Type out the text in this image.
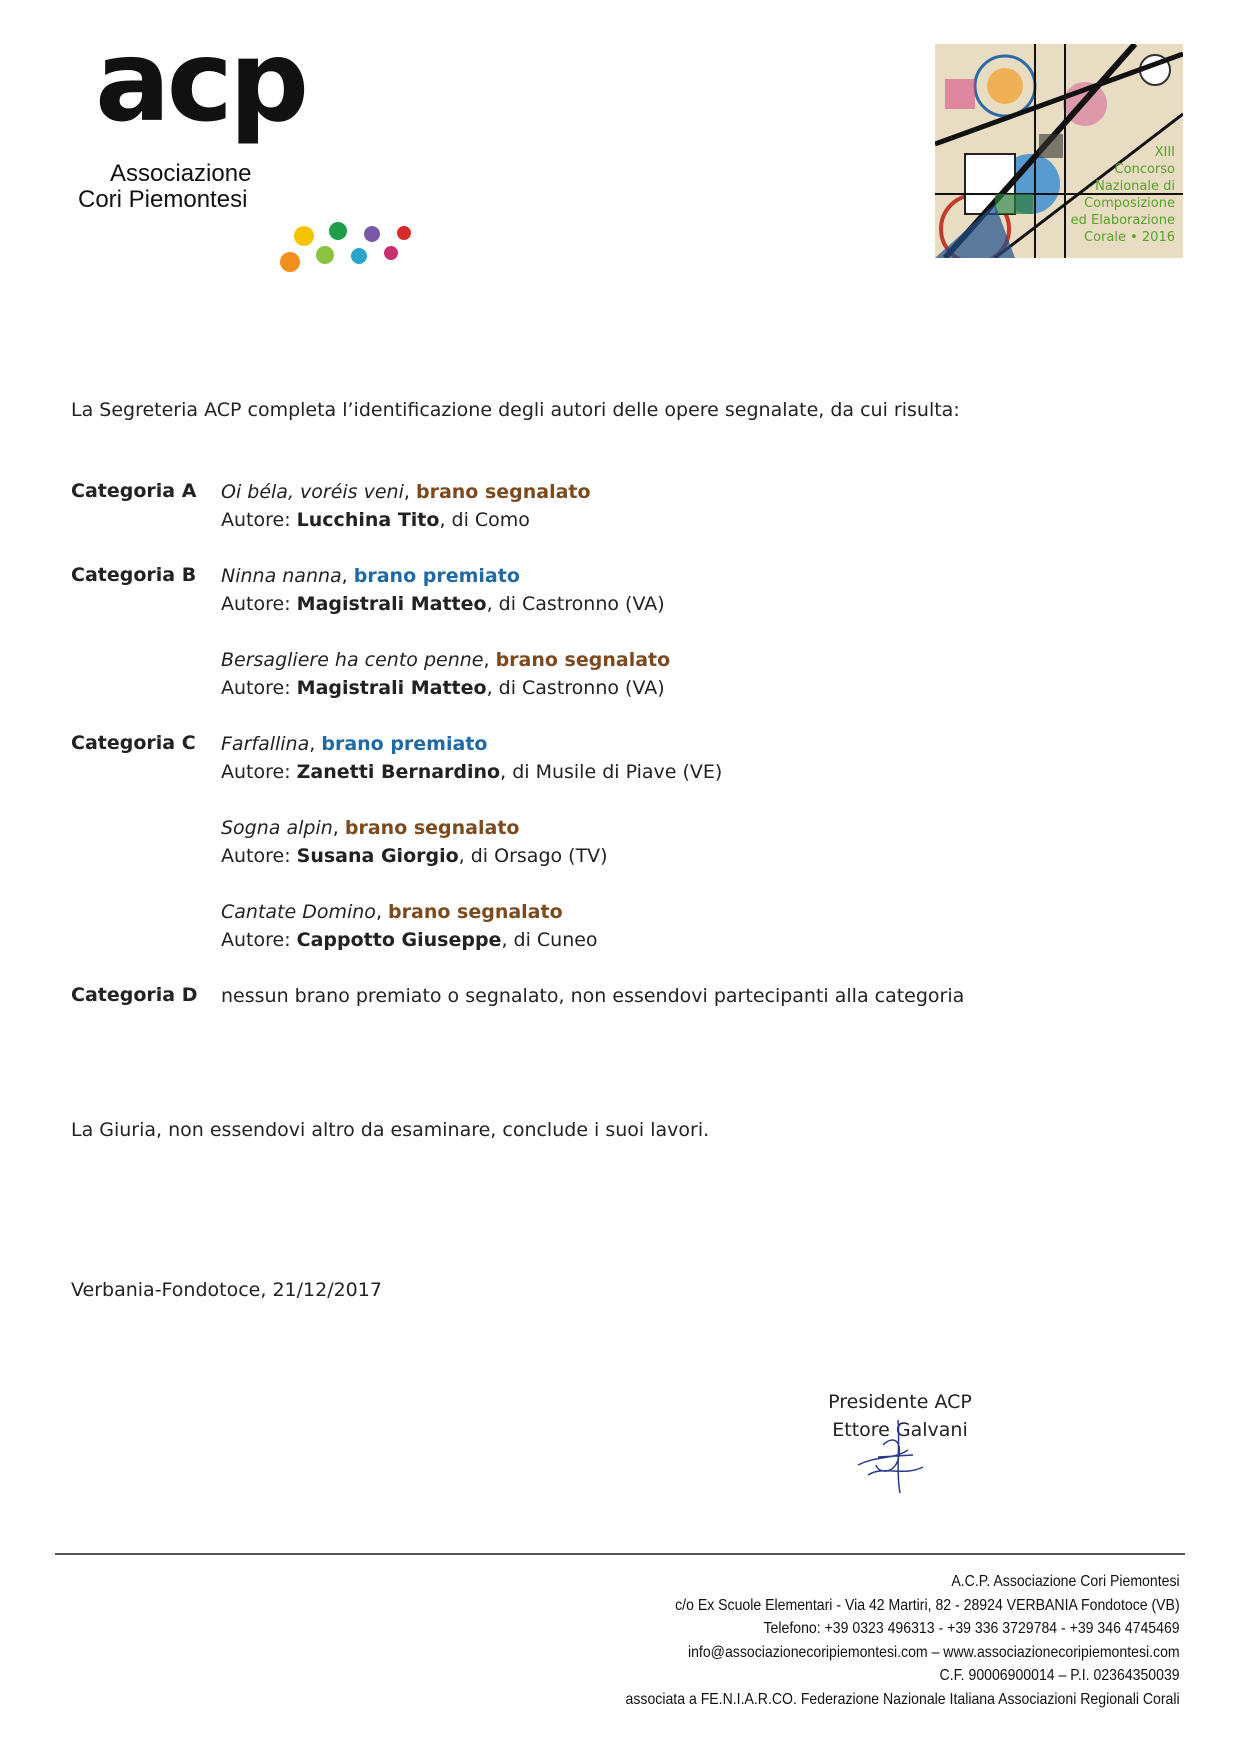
acp
Associazione
Cori Piemontesi
XIII
Concorso
Nazionale di
Composizione
ed Elaborazione
Corale • 2016
La Segreteria ACP completa l’identificazione degli autori delle opere segnalate, da cui risulta:
Categoria A Oi béla, voréis veni, brano segnalato
Autore: Lucchina Tito, di Como
Categoria B Ninna nanna, brano premiato
Autore: Magistrali Matteo, di Castronno (VA)
Bersagliere ha cento penne, brano segnalato
Autore: Magistrali Matteo, di Castronno (VA)
Categoria C Farfallina, brano premiato
Autore: Zanetti Bernardino, di Musile di Piave (VE)
Sogna alpin, brano segnalato
Autore: Susana Giorgio, di Orsago (TV)
Cantate Domino, brano segnalato
Autore: Cappotto Giuseppe, di Cuneo
Categoria D nessun brano premiato o segnalato, non essendovi partecipanti alla categoria
La Giuria, non essendovi altro da esaminare, conclude i suoi lavori.
Verbania-Fondotoce, 21/12/2017
Presidente ACP
Ettore Galvani
A.C.P. Associazione Cori Piemontesi
c/o Ex Scuole Elementari - Via 42 Martiri, 82 - 28924 VERBANIA Fondotoce (VB)
Telefono: +39 0323 496313 - +39 336 3729784 - +39 346 4745469
info@associazionecoripiemontesi.com – www.associazionecoripiemontesi.com
C.F. 90006900014 – P.I. 02364350039
associata a FE.N.I.A.R.CO. Federazione Nazionale Italiana Associazioni Regionali Corali
